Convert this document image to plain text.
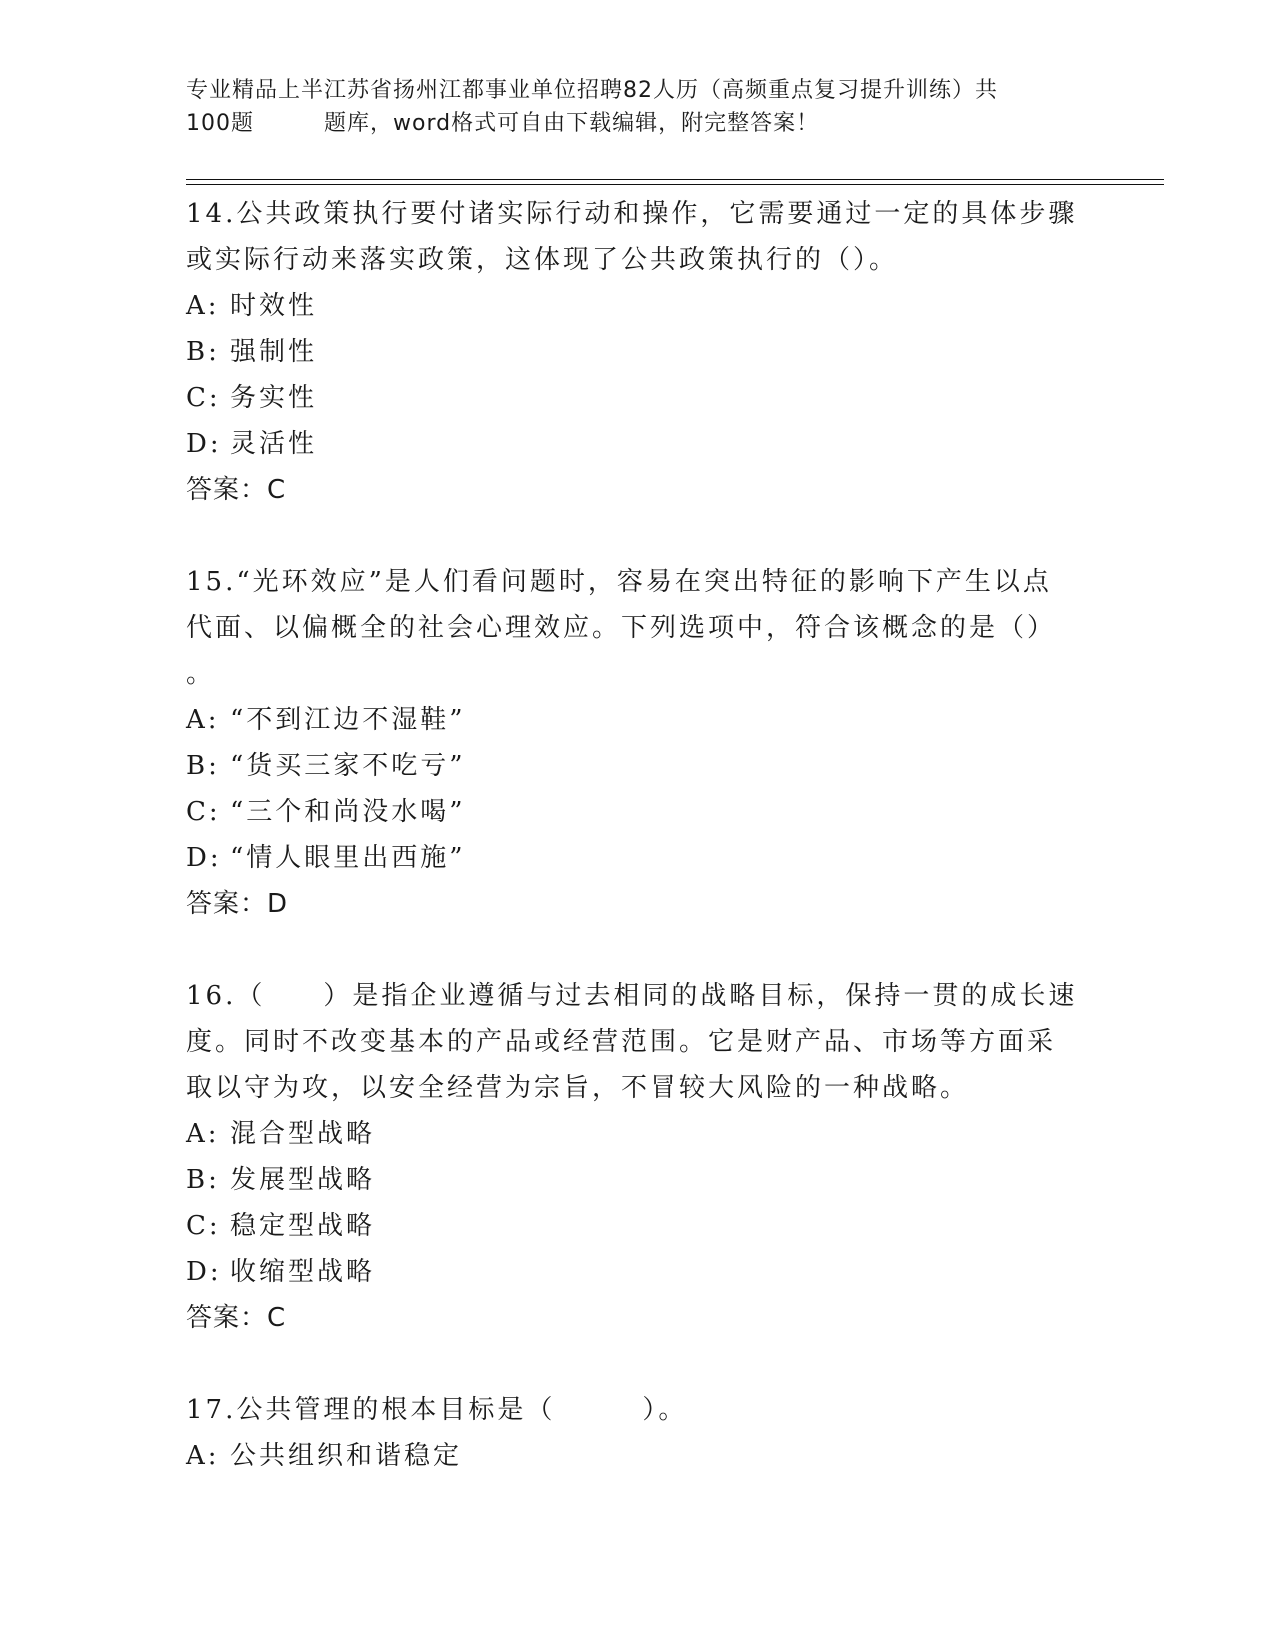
专业精品上半江苏省扬州江都事业单位招聘82人历（高频重点复习提升训练）共
100题	题库，word格式可自由下载编辑，附完整答案！
14.公共政策执行要付诸实际行动和操作，它需要通过一定的具体步骤
或实际行动来落实政策，这体现了公共政策执行的（）。
A: 时效性
B: 强制性
C: 务实性
D: 灵活性
答案：C
15.“光环效应”是人们看问题时，容易在突出特征的影响下产生以点
代面、以偏概全的社会心理效应。下列选项中，符合该概念的是（）
。
A: “不到江边不湿鞋”
B: “货买三家不吃亏”
C: “三个和尚没水喝”
D: “情人眼里出西施”
答案：D
16.（　　）是指企业遵循与过去相同的战略目标，保持一贯的成长速
度。同时不改变基本的产品或经营范围。它是财产品、市场等方面采
取以守为攻，以安全经营为宗旨，不冒较大风险的一种战略。
A: 混合型战略
B: 发展型战略
C: 稳定型战略
D: 收缩型战略
答案：C
17.公共管理的根本目标是（　　　）。
A: 公共组织和谐稳定
